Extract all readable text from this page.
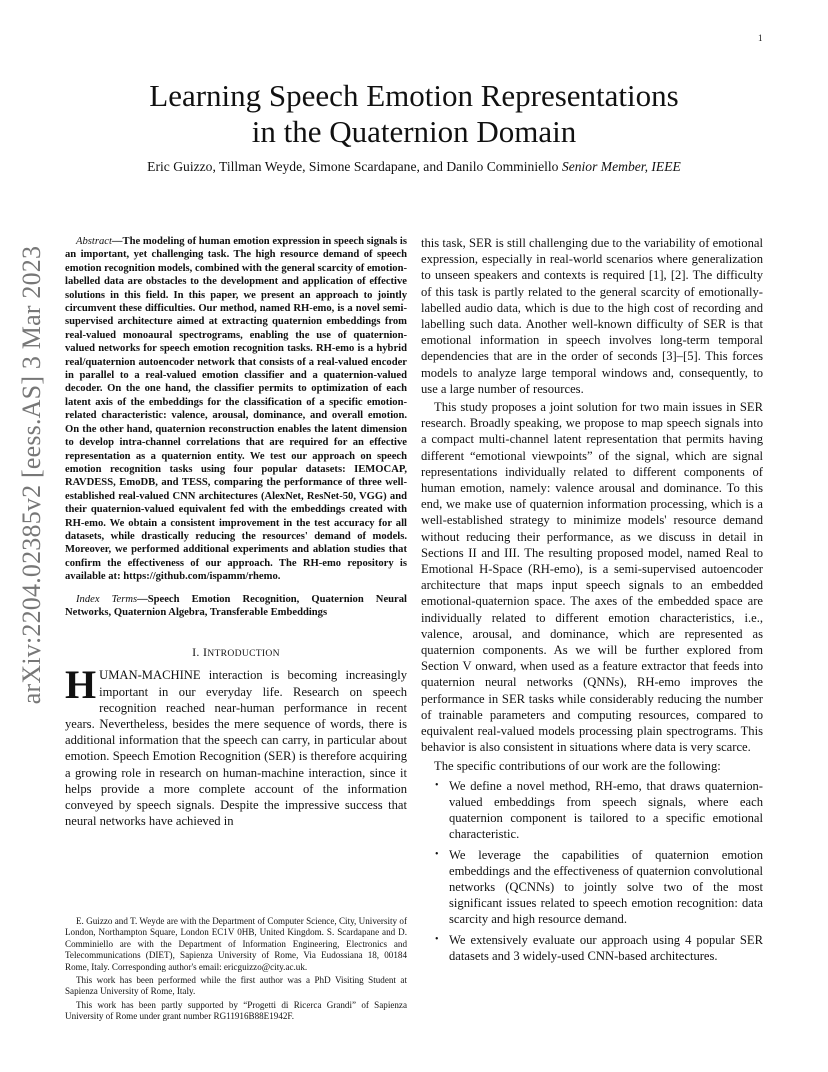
1
arXiv:2204.02385v2 [eess.AS] 3 Mar 2023
Learning Speech Emotion Representations
in the Quaternion Domain
Eric Guizzo, Tillman Weyde, Simone Scardapane, and Danilo Comminiello Senior Member, IEEE

Abstract—The modeling of human emotion expression in speech signals is an important, yet challenging task. The high resource demand of speech emotion recognition models, combined with the general scarcity of emotion-labelled data are obstacles to the development and application of effective solutions in this field. In this paper, we present an approach to jointly circumvent these difficulties. Our method, named RH-emo, is a novel semi-supervised architecture aimed at extracting quaternion embeddings from real-valued monoaural spectrograms, enabling the use of quaternion-valued networks for speech emotion recognition tasks. RH-emo is a hybrid real/quaternion autoencoder network that consists of a real-valued encoder in parallel to a real-valued emotion classifier and a quaternion-valued decoder. On the one hand, the classifier permits to optimization of each latent axis of the embeddings for the classification of a specific emotion-related characteristic: valence, arousal, dominance, and overall emotion. On the other hand, quaternion reconstruction enables the latent dimension to develop intra-channel correlations that are required for an effective representation as a quaternion entity. We test our approach on speech emotion recognition tasks using four popular datasets: IEMOCAP, RAVDESS, EmoDB, and TESS, comparing the performance of three well-established real-valued CNN architectures (AlexNet, ResNet-50, VGG) and their quaternion-valued equivalent fed with the embeddings created with RH-emo. We obtain a consistent improvement in the test accuracy for all datasets, while drastically reducing the resources' demand of models. Moreover, we performed additional experiments and ablation studies that confirm the effectiveness of our approach. The RH-emo repository is available at: https://github.com/ispamm/rhemo.

Index Terms—Speech Emotion Recognition, Quaternion Neural Networks, Quaternion Algebra, Transferable Embeddings

I. INTRODUCTION

HUMAN-MACHINE interaction is becoming increasingly important in our everyday life. Research on speech recognition reached near-human performance in recent years. Nevertheless, besides the mere sequence of words, there is additional information that the speech can carry, in particular about emotion. Speech Emotion Recognition (SER) is therefore acquiring a growing role in research on human-machine interaction, since it helps provide a more complete account of the information conveyed by speech signals. Despite the impressive success that neural networks have achieved in

E. Guizzo and T. Weyde are with the Department of Computer Science, City, University of London, Northampton Square, London EC1V 0HB, United Kingdom. S. Scardapane and D. Comminiello are with the Department of Information Engineering, Electronics and Telecommunications (DIET), Sapienza University of Rome, Via Eudossiana 18, 00184 Rome, Italy. Corresponding author's email: ericguizzo@city.ac.uk.

This work has been performed while the first author was a PhD Visiting Student at Sapienza University of Rome, Italy.

This work has been partly supported by “Progetti di Ricerca Grandi” of Sapienza University of Rome under grant number RG11916B88E1942F.

this task, SER is still challenging due to the variability of emotional expression, especially in real-world scenarios where generalization to unseen speakers and contexts is required [1], [2]. The difficulty of this task is partly related to the general scarcity of emotionally-labelled audio data, which is due to the high cost of recording and labelling such data. Another well-known difficulty of SER is that emotional information in speech involves long-term temporal dependencies that are in the order of seconds [3]–[5]. This forces models to analyze large temporal windows and, consequently, to use a large number of resources.

This study proposes a joint solution for two main issues in SER research. Broadly speaking, we propose to map speech signals into a compact multi-channel latent representation that permits having different “emotional viewpoints” of the signal, which are signal representations individually related to different components of human emotion, namely: valence arousal and dominance. To this end, we make use of quaternion information processing, which is a well-established strategy to minimize models' resource demand without reducing their performance, as we discuss in detail in Sections II and III. The resulting proposed model, named Real to Emotional H-Space (RH-emo), is a semi-supervised autoencoder architecture that maps input speech signals to an embedded emotional-quaternion space. The axes of the embedded space are individually related to different emotion characteristics, i.e., valence, arousal, and dominance, which are represented as quaternion components. As we will be further explored from Section V onward, when used as a feature extractor that feeds into quaternion neural networks (QNNs), RH-emo improves the performance in SER tasks while considerably reducing the number of trainable parameters and computing resources, compared to equivalent real-valued models processing plain spectrograms. This behavior is also consistent in situations where data is very scarce.

The specific contributions of our work are the following:

• We define a novel method, RH-emo, that draws quaternion-valued embeddings from speech signals, where each quaternion component is tailored to a specific emotional characteristic.
• We leverage the capabilities of quaternion emotion embeddings and the effectiveness of quaternion convolutional networks (QCNNs) to jointly solve two of the most significant issues related to speech emotion recognition: data scarcity and high resource demand.
• We extensively evaluate our approach using 4 popular SER datasets and 3 widely-used CNN-based architectures.
